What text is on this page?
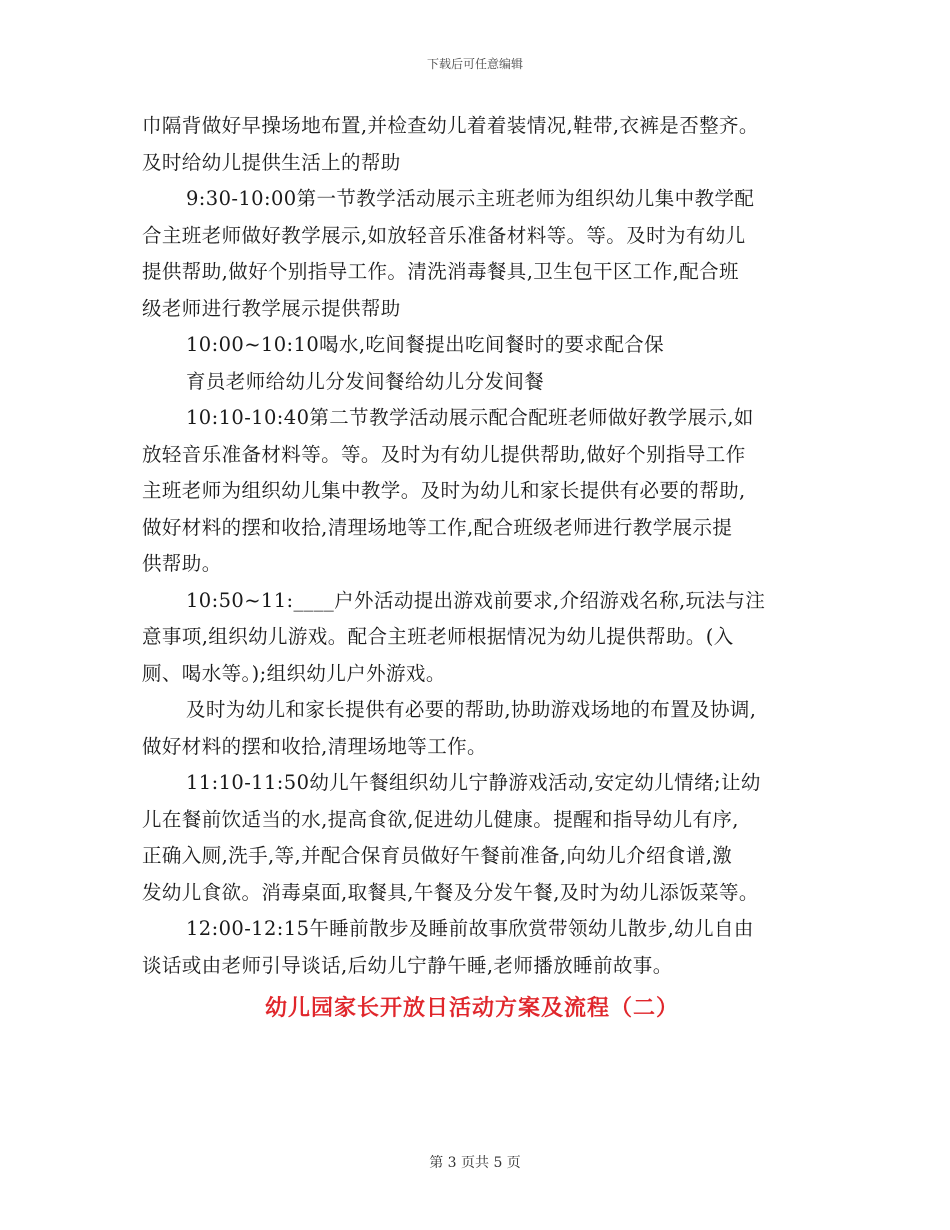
下载后可任意编辑
巾隔背做好早操场地布置,并检查幼儿着着装情况,鞋带,衣裤是否整齐。
及时给幼儿提供生活上的帮助
9:30-10:00第一节教学活动展示主班老师为组织幼儿集中教学配
合主班老师做好教学展示,如放轻音乐准备材料等。等。及时为有幼儿
提供帮助,做好个别指导工作。清洗消毒餐具,卫生包干区工作,配合班
级老师进行教学展示提供帮助
10:00~10:10喝水,吃间餐提出吃间餐时的要求配合保
育员老师给幼儿分发间餐给幼儿分发间餐
10:10-10:40第二节教学活动展示配合配班老师做好教学展示,如
放轻音乐准备材料等。等。及时为有幼儿提供帮助,做好个别指导工作
主班老师为组织幼儿集中教学。及时为幼儿和家长提供有必要的帮助,
做好材料的摆和收拾,清理场地等工作,配合班级老师进行教学展示提
供帮助。
10:50~11:____户外活动提出游戏前要求,介绍游戏名称,玩法与注
意事项,组织幼儿游戏。配合主班老师根据情况为幼儿提供帮助。(入
厕、喝水等。);组织幼儿户外游戏。
及时为幼儿和家长提供有必要的帮助,协助游戏场地的布置及协调,
做好材料的摆和收拾,清理场地等工作。
11:10-11:50幼儿午餐组织幼儿宁静游戏活动,安定幼儿情绪;让幼
儿在餐前饮适当的水,提高食欲,促进幼儿健康。提醒和指导幼儿有序,
正确入厕,洗手,等,并配合保育员做好午餐前准备,向幼儿介绍食谱,激
发幼儿食欲。消毒桌面,取餐具,午餐及分发午餐,及时为幼儿添饭菜等。
12:00-12:15午睡前散步及睡前故事欣赏带领幼儿散步,幼儿自由
谈话或由老师引导谈话,后幼儿宁静午睡,老师播放睡前故事。
幼儿园家长开放日活动方案及流程（二）
第 3 页共 5 页
